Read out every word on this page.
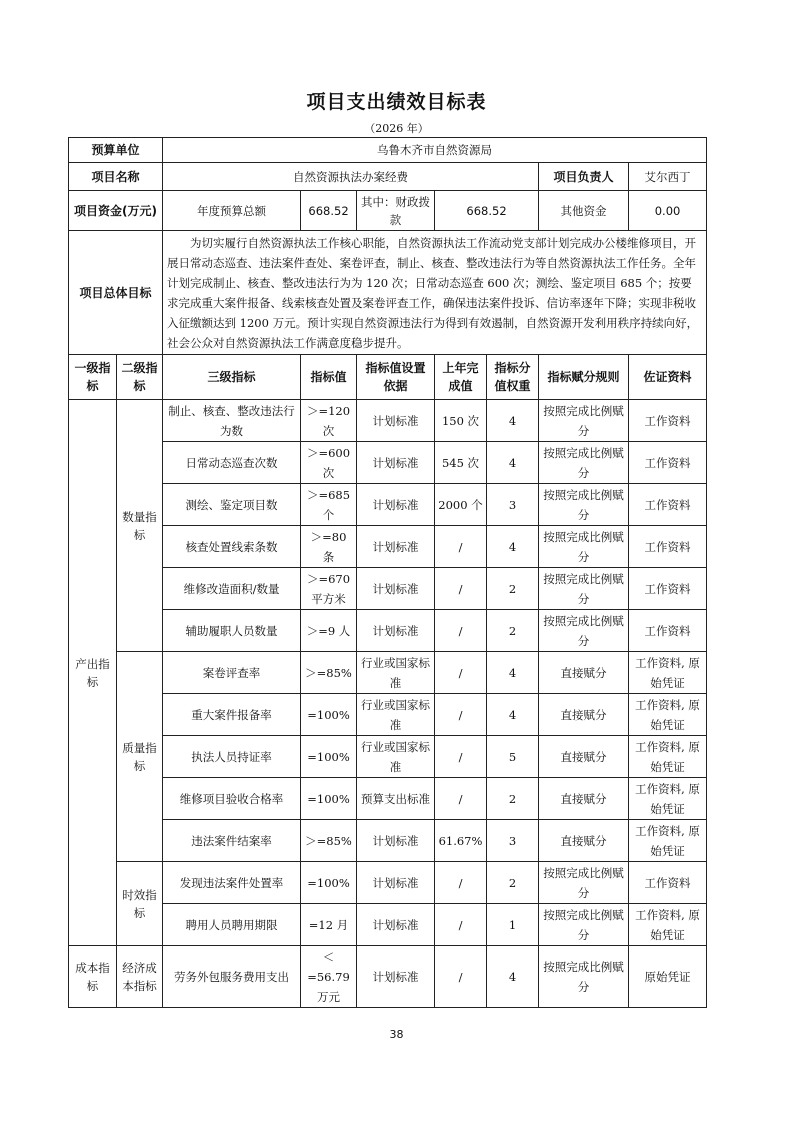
项目支出绩效目标表
（2026 年）
预算单位		乌鲁木齐市自然资源局						
项目名称		自然资源执法办案经费					项目负责人	艾尔西丁
项目资金(万元)		年度预算总额	668.52	其中：财政拨款	668.52		其他资金	0.00
项目总体目标		为切实履行自然资源执法工作核心职能，自然资源执法工作流动党支部计划完成办公楼维修项目，开展日常动态巡查、违法案件查处、案卷评查，制止、核查、整改违法行为等自然资源执法工作任务。全年计划完成制止、核查、整改违法行为为 120 次；日常动态巡查 600 次；测绘、鉴定项目 685 个；按要求完成重大案件报备、线索核查处置及案卷评查工作，确保违法案件投诉、信访率逐年下降；实现非税收入征缴额达到 1200 万元。预计实现自然资源违法行为得到有效遏制，自然资源开发利用秩序持续向好，社会公众对自然资源执法工作满意度稳步提升。						
一级指标	二级指标	三级指标	指标值	指标值设置依据	上年完成值	指标分值权重	指标赋分规则	佐证资料
产出指标	数量指标	制止、核查、整改违法行为数	＞=120 次	计划标准	150 次	4	按照完成比例赋分	工作资料
		日常动态巡查次数	＞=600 次	计划标准	545 次	4	按照完成比例赋分	工作资料
		测绘、鉴定项目数	＞=685 个	计划标准	2000 个	3	按照完成比例赋分	工作资料
		核查处置线索条数	＞=80 条	计划标准	/	4	按照完成比例赋分	工作资料
		维修改造面积/数量	＞=670 平方米	计划标准	/	2	按照完成比例赋分	工作资料
		辅助履职人员数量	＞=9 人	计划标准	/	2	按照完成比例赋分	工作资料
	质量指标	案卷评查率	＞=85%	行业或国家标准	/	4	直接赋分	工作资料, 原始凭证
		重大案件报备率	=100%	行业或国家标准	/	4	直接赋分	工作资料, 原始凭证
		执法人员持证率	=100%	行业或国家标准	/	5	直接赋分	工作资料, 原始凭证
		维修项目验收合格率	=100%	预算支出标准	/	2	直接赋分	工作资料, 原始凭证
		违法案件结案率	＞=85%	计划标准	61.67%	3	直接赋分	工作资料, 原始凭证
	时效指标	发现违法案件处置率	=100%	计划标准	/	2	按照完成比例赋分	工作资料
		聘用人员聘用期限	=12 月	计划标准	/	1	按照完成比例赋分	工作资料, 原始凭证
成本指标	经济成本指标	劳务外包服务费用支出	＜=56.79 万元	计划标准	/	4	按照完成比例赋分	原始凭证
38
